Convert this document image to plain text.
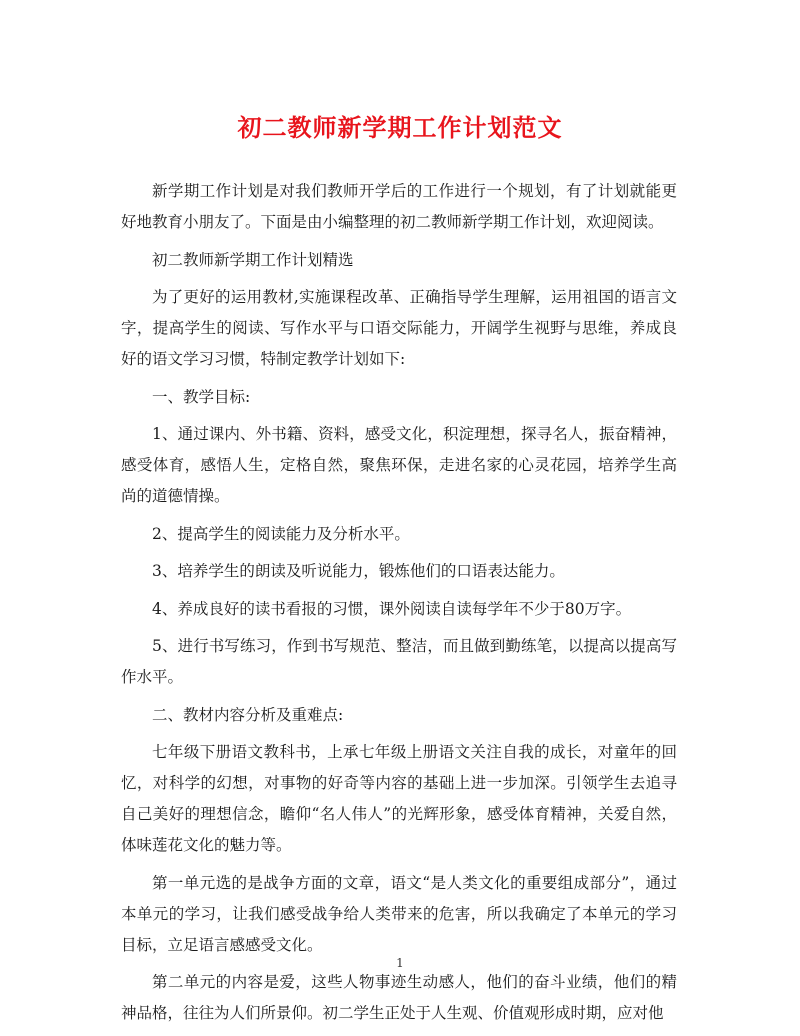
初二教师新学期工作计划范文

新学期工作计划是对我们教师开学后的工作进行一个规划，有了计划就能更好地教育小朋友了。下面是由小编整理的初二教师新学期工作计划，欢迎阅读。

初二教师新学期工作计划精选

为了更好的运用教材,实施课程改革、正确指导学生理解，运用祖国的语言文字，提高学生的阅读、写作水平与口语交际能力，开阔学生视野与思维，养成良好的语文学习习惯，特制定教学计划如下:

一、教学目标:

1、通过课内、外书籍、资料，感受文化，积淀理想，探寻名人，振奋精神，感受体育，感悟人生，定格自然，聚焦环保，走进名家的心灵花园，培养学生高尚的道德情操。

2、提高学生的阅读能力及分析水平。

3、培养学生的朗读及听说能力，锻炼他们的口语表达能力。

4、养成良好的读书看报的习惯，课外阅读自读每学年不少于80万字。

5、进行书写练习，作到书写规范、整洁，而且做到勤练笔，以提高以提高写作水平。

二、教材内容分析及重难点:

七年级下册语文教科书，上承七年级上册语文关注自我的成长，对童年的回忆，对科学的幻想，对事物的好奇等内容的基础上进一步加深。引领学生去追寻自己美好的理想信念，瞻仰“名人伟人”的光辉形象，感受体育精神，关爱自然，体味莲花文化的魅力等。

第一单元选的是战争方面的文章，语文“是人类文化的重要组成部分”，通过本单元的学习，让我们感受战争给人类带来的危害，所以我确定了本单元的学习目标，立足语言感感受文化。

第二单元的内容是爱，这些人物事迹生动感人，他们的奋斗业绩，他们的精神品格，往往为人们所景仰。初二学生正处于人生观、价值观形成时期，应对他

1
